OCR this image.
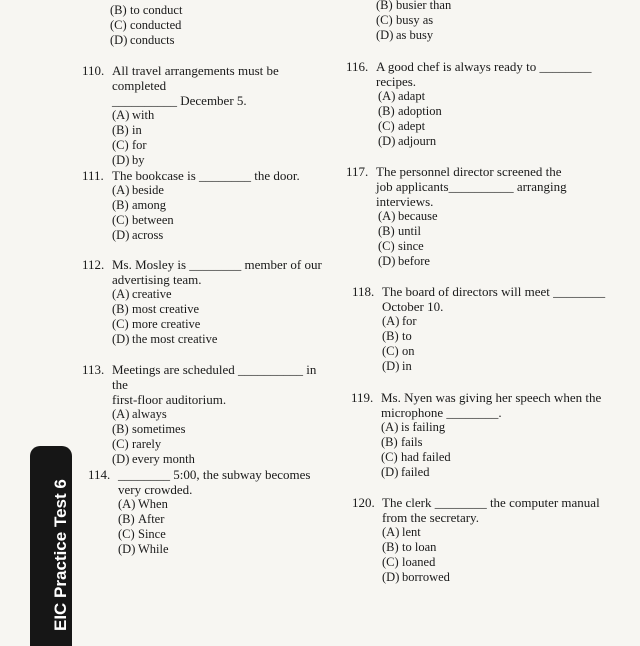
(B) to conduct
(C) conducted
(D) conducts
110. All travel arrangements must be completed
__________ December 5.
(A) with
(B) in
(C) for
(D) by
111. The bookcase is ________ the door.
(A) beside
(B) among
(C) between
(D) across
112. Ms. Mosley is ________ member of our
advertising team.
(A) creative
(B) most creative
(C) more creative
(D) the most creative
113. Meetings are scheduled __________ in the
first-floor auditorium.
(A) always
(B) sometimes
(C) rarely
(D) every month
114. ________ 5:00, the subway becomes
very crowded.
(A) When
(B) After
(C) Since
(D) While
(B) busier than
(C) busy as
(D) as busy
116. A good chef is always ready to ________
recipes.
(A) adapt
(B) adoption
(C) adept
(D) adjourn
117. The personnel director screened the
job applicants__________ arranging
interviews.
(A) because
(B) until
(C) since
(D) before
118. The board of directors will meet ________
October 10.
(A) for
(B) to
(C) on
(D) in
119. Ms. Nyen was giving her speech when the
microphone ________.
(A) is failing
(B) fails
(C) had failed
(D) failed
120. The clerk ________ the computer manual
from the secretary.
(A) lent
(B) to loan
(C) loaned
(D) borrowed
EIC Practice Test 6
